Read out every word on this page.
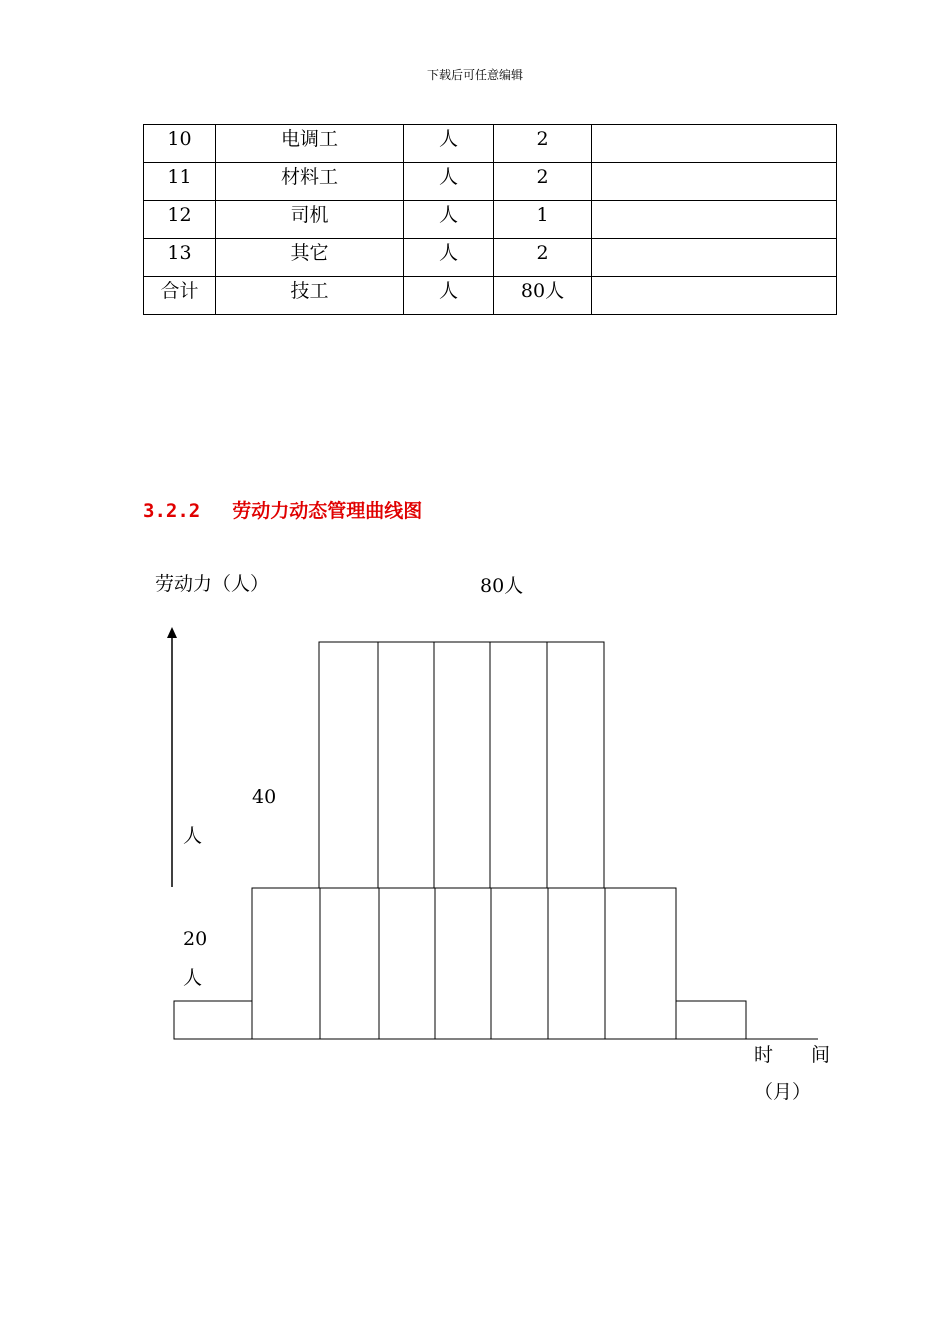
下载后可任意编辑
10	电调工	人	2	
11	材料工	人	2	
12	司机	人	1	
13	其它	人	2	
合计	技工	人	80人	
3.2.2 劳动力动态管理曲线图
劳动力（人）	80人
40
人
20
人
时　　间
（月）
